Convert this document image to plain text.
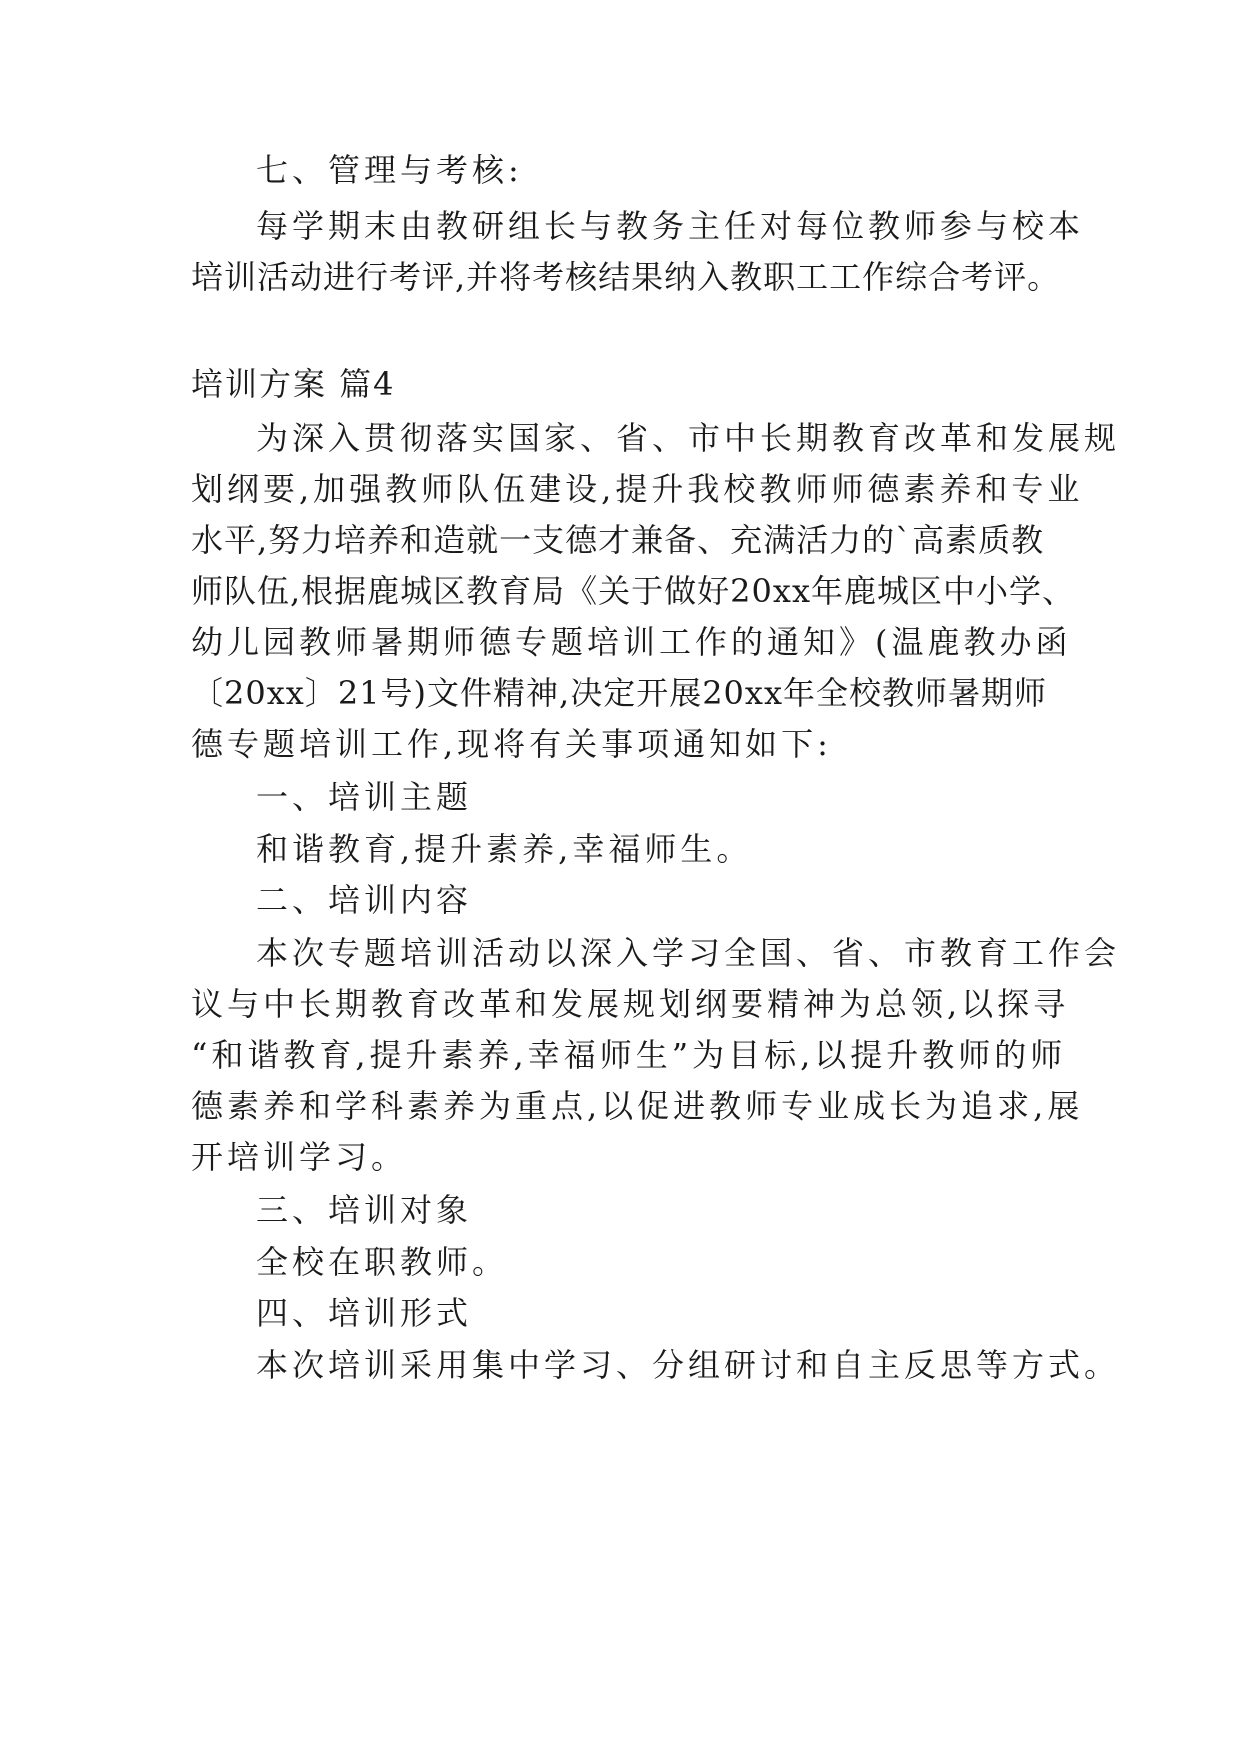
七、管理与考核:
每学期末由教研组长与教务主任对每位教师参与校本
培训活动进行考评,并将考核结果纳入教职工工作综合考评。
培训方案 篇4
为深入贯彻落实国家、省、市中长期教育改革和发展规
划纲要,加强教师队伍建设,提升我校教师师德素养和专业
水平,努力培养和造就一支德才兼备、充满活力的`高素质教
师队伍,根据鹿城区教育局《关于做好20xx年鹿城区中小学、
幼儿园教师暑期师德专题培训工作的通知》(温鹿教办函
〔20xx〕21号)文件精神,决定开展20xx年全校教师暑期师
德专题培训工作,现将有关事项通知如下:
一、培训主题
和谐教育,提升素养,幸福师生。
二、培训内容
本次专题培训活动以深入学习全国、省、市教育工作会
议与中长期教育改革和发展规划纲要精神为总领,以探寻
“和谐教育,提升素养,幸福师生”为目标,以提升教师的师
德素养和学科素养为重点,以促进教师专业成长为追求,展
开培训学习。
三、培训对象
全校在职教师。
四、培训形式
本次培训采用集中学习、分组研讨和自主反思等方式。
